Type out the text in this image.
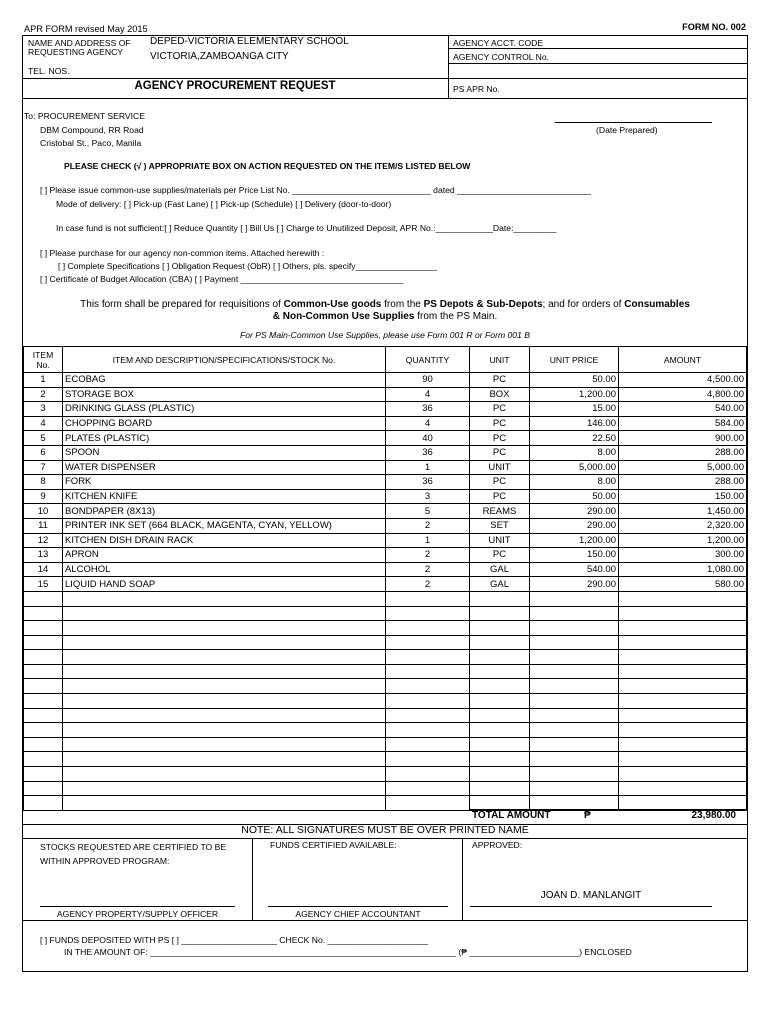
APR FORM revised May 2015	FORM NO. 002
NAME AND ADDRESS OF REQUESTING AGENCY
DEPED-VICTORIA ELEMENTARY SCHOOL
VICTORIA,ZAMBOANGA CITY
TEL. NOS.
AGENCY ACCT. CODE
AGENCY CONTROL No.
AGENCY PROCUREMENT REQUEST	PS APR No.
To: PROCUREMENT SERVICE
DBM Compound, RR Road
Cristobal St., Paco, Manila
(Date Prepared)
PLEASE CHECK (√ ) APPROPRIATE BOX ON ACTION REQUESTED ON THE ITEM/S LISTED BELOW
[ ] Please issue common-use supplies/materials per Price List No. _____________________________ dated ____________________________
Mode of delivery: [ ] Pick-up (Fast Lane) [ ] Pick-up (Schedule) [ ] Delivery (door-to-door)
In case fund is not sufficient:[ ] Reduce Quantity [ ] Bill Us [ ] Charge to Unutilized Deposit, APR No.:____________Date:_________
[ ] Please purchase for our agency non-common items. Attached herewith :
[ ] Complete Specifications [ ] Obligation Request (ObR) [ ] Others, pls. specify_________________
[ ] Certificate of Budget Allocation (CBA) [ ] Payment __________________________________
This form shall be prepared for requisitions of Common-Use goods from the PS Depots & Sub-Depots; and for orders of Consumables
& Non-Common Use Supplies from the PS Main.
For PS Main-Common Use Supplies, please use Form 001 R or Form 001 B
ITEM No.	ITEM AND DESCRIPTION/SPECIFICATIONS/STOCK No.	QUANTITY	UNIT	UNIT PRICE	AMOUNT
1	ECOBAG	90	PC	50.00	4,500.00
2	STORAGE BOX	4	BOX	1,200.00	4,800.00
3	DRINKING GLASS (PLASTIC)	36	PC	15.00	540.00
4	CHOPPING BOARD	4	PC	146.00	584.00
5	PLATES (PLASTIC)	40	PC	22.50	900.00
6	SPOON	36	PC	8.00	288.00
7	WATER DISPENSER	1	UNIT	5,000.00	5,000.00
8	FORK	36	PC	8.00	288.00
9	KITCHEN KNIFE	3	PC	50.00	150.00
10	BONDPAPER (8X13)	5	REAMS	290.00	1,450.00
11	PRINTER INK SET (664 BLACK, MAGENTA, CYAN, YELLOW)	2	SET	290.00	2,320.00
12	KITCHEN DISH DRAIN RACK	1	UNIT	1,200.00	1,200.00
13	APRON	2	PC	150.00	300.00
14	ALCOHOL	2	GAL	540.00	1,080.00
15	LIQUID HAND SOAP	2	GAL	290.00	580.00

TOTAL AMOUNT	₱	23,980.00
NOTE: ALL SIGNATURES MUST BE OVER PRINTED NAME
STOCKS REQUESTED ARE CERTIFIED TO BE WITHIN APPROVED PROGRAM:
FUNDS CERTIFIED AVAILABLE:	APPROVED:
JOAN D. MANLANGIT
AGENCY PROPERTY/SUPPLY OFFICER	AGENCY CHIEF ACCOUNTANT
[ ] FUNDS DEPOSITED WITH PS [ ] ____________________ CHECK No. _____________________
IN THE AMOUNT OF: ________________________________________________________________ (₱ _______________________) ENCLOSED
